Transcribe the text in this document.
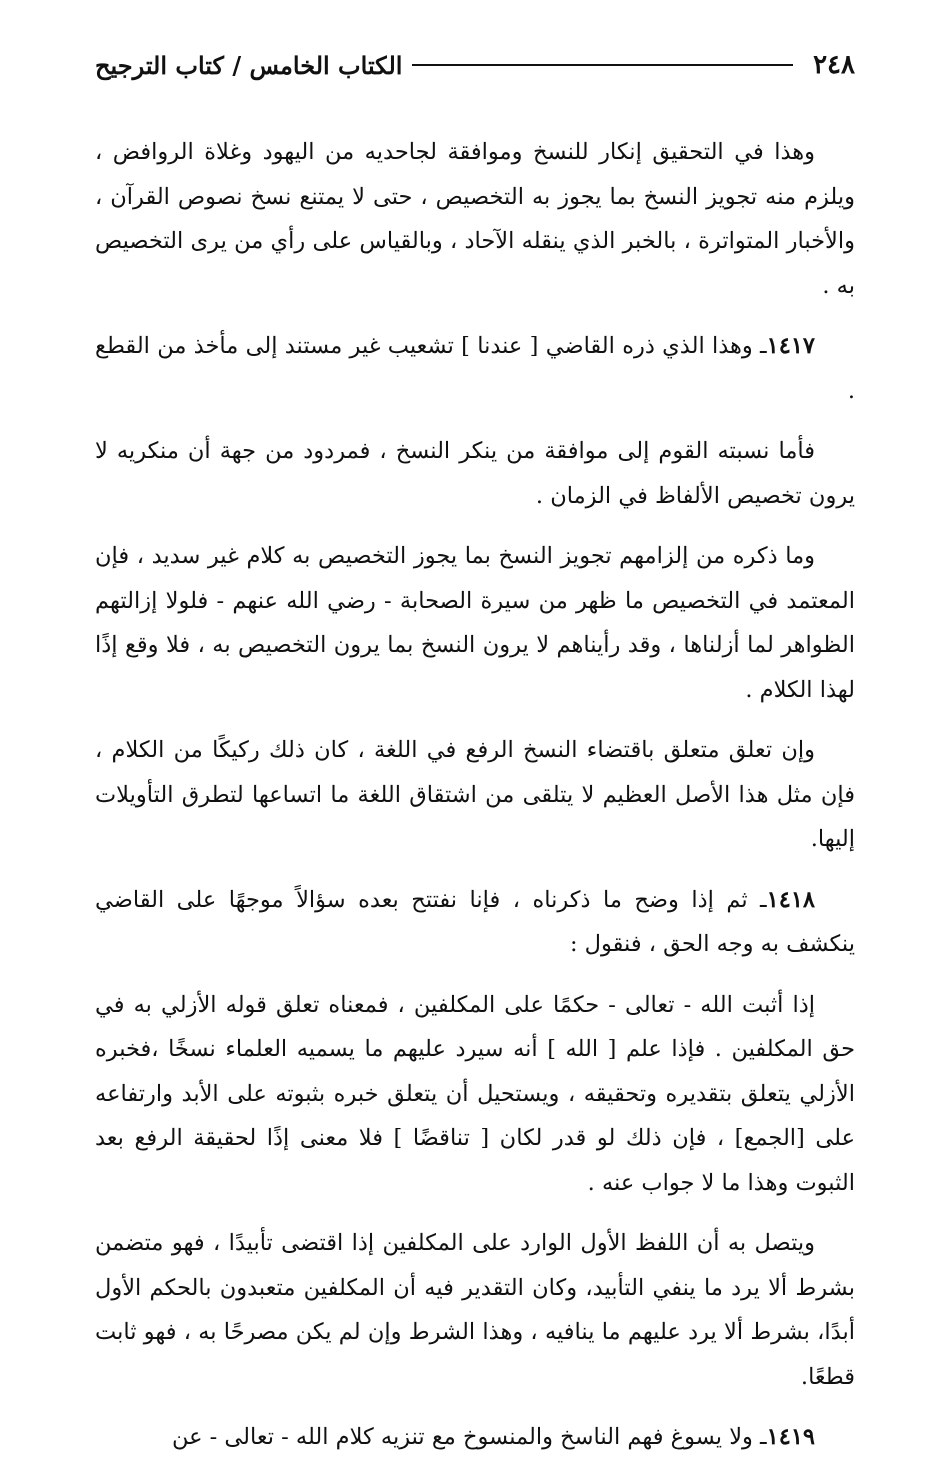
٢٤٨
الكتاب الخامس / كتاب الترجيح

وهذا في التحقيق إنكار للنسخ وموافقة لجاحديه من اليهود وغلاة الروافض ، ويلزم منه تجويز النسخ بما يجوز به التخصيص ، حتى لا يمتنع نسخ نصوص القرآن ، والأخبار المتواترة ، بالخبر الذي ينقله الآحاد ، وبالقياس على رأي من يرى التخصيص به .

١٤١٧ـ وهذا الذي ذره القاضي [ عندنا ] تشعيب غير مستند إلى مأخذ من القطع .

فأما نسبته القوم إلى موافقة من ينكر النسخ ، فمردود من جهة أن منكريه لا يرون تخصيص الألفاظ في الزمان .

وما ذكره من إلزامهم تجويز النسخ بما يجوز التخصيص به كلام غير سديد ، فإن المعتمد في التخصيص ما ظهر من سيرة الصحابة - رضي الله عنهم - فلولا إزالتهم الظواهر لما أزلناها ، وقد رأيناهم لا يرون النسخ بما يرون التخصيص به ، فلا وقع إذًا لهذا الكلام .

وإن تعلق متعلق باقتضاء النسخ الرفع في اللغة ، كان ذلك ركيكًا من الكلام ، فإن مثل هذا الأصل العظيم لا يتلقى من اشتقاق اللغة ما اتساعها لتطرق التأويلات إليها.

١٤١٨ـ ثم إذا وضح ما ذكرناه ، فإنا نفتتح بعده سؤالاً موجهًا على القاضي ينكشف به وجه الحق ، فنقول :

إذا أثبت الله - تعالى - حكمًا على المكلفين ، فمعناه تعلق قوله الأزلي به في حق المكلفين . فإذا علم [ الله ] أنه سيرد عليهم ما يسميه العلماء نسخًا ،فخبره الأزلي يتعلق بتقديره وتحقيقه ، ويستحيل أن يتعلق خبره بثبوته على الأبد وارتفاعه على [الجمع] ، فإن ذلك لو قدر لكان [ تناقضًا ] فلا معنى إذًا لحقيقة الرفع بعد الثبوت وهذا ما لا جواب عنه .

ويتصل به أن اللفظ الأول الوارد على المكلفين إذا اقتضى تأبيدًا ، فهو متضمن بشرط ألا يرد ما ينفي التأبيد، وكان التقدير فيه أن المكلفين متعبدون بالحكم الأول أبدًا، بشرط ألا يرد عليهم ما ينافيه ، وهذا الشرط وإن لم يكن مصرحًا به ، فهو ثابت قطعًا.

١٤١٩ـ ولا يسوغ فهم الناسخ والمنسوخ مع تنزيه كلام الله - تعالى - عن
